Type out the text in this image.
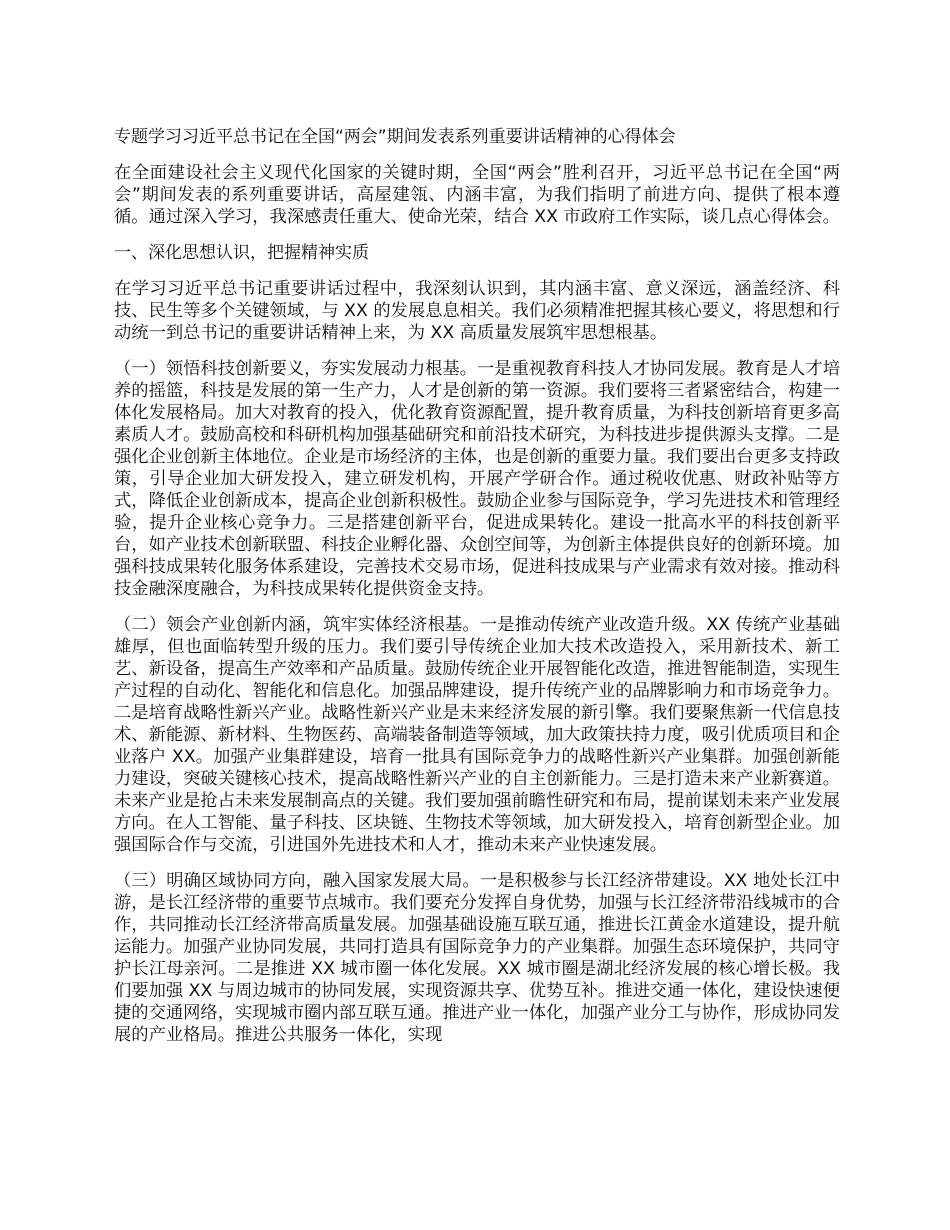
专题学习习近平总书记在全国“两会”期间发表系列重要讲话精神的心得体会

在全面建设社会主义现代化国家的关键时期，全国“两会”胜利召开，习近平总书记在全国“两会”期间发表的系列重要讲话，高屋建瓴、内涵丰富，为我们指明了前进方向、提供了根本遵循。通过深入学习，我深感责任重大、使命光荣，结合 XX 市政府工作实际，谈几点心得体会。

一、深化思想认识，把握精神实质

在学习习近平总书记重要讲话过程中，我深刻认识到，其内涵丰富、意义深远，涵盖经济、科技、民生等多个关键领域，与 XX 的发展息息相关。我们必须精准把握其核心要义，将思想和行动统一到总书记的重要讲话精神上来，为 XX 高质量发展筑牢思想根基。

（一）领悟科技创新要义，夯实发展动力根基。一是重视教育科技人才协同发展。教育是人才培养的摇篮，科技是发展的第一生产力，人才是创新的第一资源。我们要将三者紧密结合，构建一体化发展格局。加大对教育的投入，优化教育资源配置，提升教育质量，为科技创新培育更多高素质人才。鼓励高校和科研机构加强基础研究和前沿技术研究，为科技进步提供源头支撑。二是强化企业创新主体地位。企业是市场经济的主体，也是创新的重要力量。我们要出台更多支持政策，引导企业加大研发投入，建立研发机构，开展产学研合作。通过税收优惠、财政补贴等方式，降低企业创新成本，提高企业创新积极性。鼓励企业参与国际竞争，学习先进技术和管理经验，提升企业核心竞争力。三是搭建创新平台，促进成果转化。建设一批高水平的科技创新平台，如产业技术创新联盟、科技企业孵化器、众创空间等，为创新主体提供良好的创新环境。加强科技成果转化服务体系建设，完善技术交易市场，促进科技成果与产业需求有效对接。推动科技金融深度融合，为科技成果转化提供资金支持。

（二）领会产业创新内涵，筑牢实体经济根基。一是推动传统产业改造升级。XX 传统产业基础雄厚，但也面临转型升级的压力。我们要引导传统企业加大技术改造投入，采用新技术、新工艺、新设备，提高生产效率和产品质量。鼓励传统企业开展智能化改造，推进智能制造，实现生产过程的自动化、智能化和信息化。加强品牌建设，提升传统产业的品牌影响力和市场竞争力。二是培育战略性新兴产业。战略性新兴产业是未来经济发展的新引擎。我们要聚焦新一代信息技术、新能源、新材料、生物医药、高端装备制造等领域，加大政策扶持力度，吸引优质项目和企业落户 XX。加强产业集群建设，培育一批具有国际竞争力的战略性新兴产业集群。加强创新能力建设，突破关键核心技术，提高战略性新兴产业的自主创新能力。三是打造未来产业新赛道。未来产业是抢占未来发展制高点的关键。我们要加强前瞻性研究和布局，提前谋划未来产业发展方向。在人工智能、量子科技、区块链、生物技术等领域，加大研发投入，培育创新型企业。加强国际合作与交流，引进国外先进技术和人才，推动未来产业快速发展。

（三）明确区域协同方向，融入国家发展大局。一是积极参与长江经济带建设。XX 地处长江中游，是长江经济带的重要节点城市。我们要充分发挥自身优势，加强与长江经济带沿线城市的合作，共同推动长江经济带高质量发展。加强基础设施互联互通，推进长江黄金水道建设，提升航运能力。加强产业协同发展，共同打造具有国际竞争力的产业集群。加强生态环境保护，共同守护长江母亲河。二是推进 XX 城市圈一体化发展。XX 城市圈是湖北经济发展的核心增长极。我们要加强 XX 与周边城市的协同发展，实现资源共享、优势互补。推进交通一体化，建设快速便捷的交通网络，实现城市圈内部互联互通。推进产业一体化，加强产业分工与协作，形成协同发展的产业格局。推进公共服务一体化，实现
